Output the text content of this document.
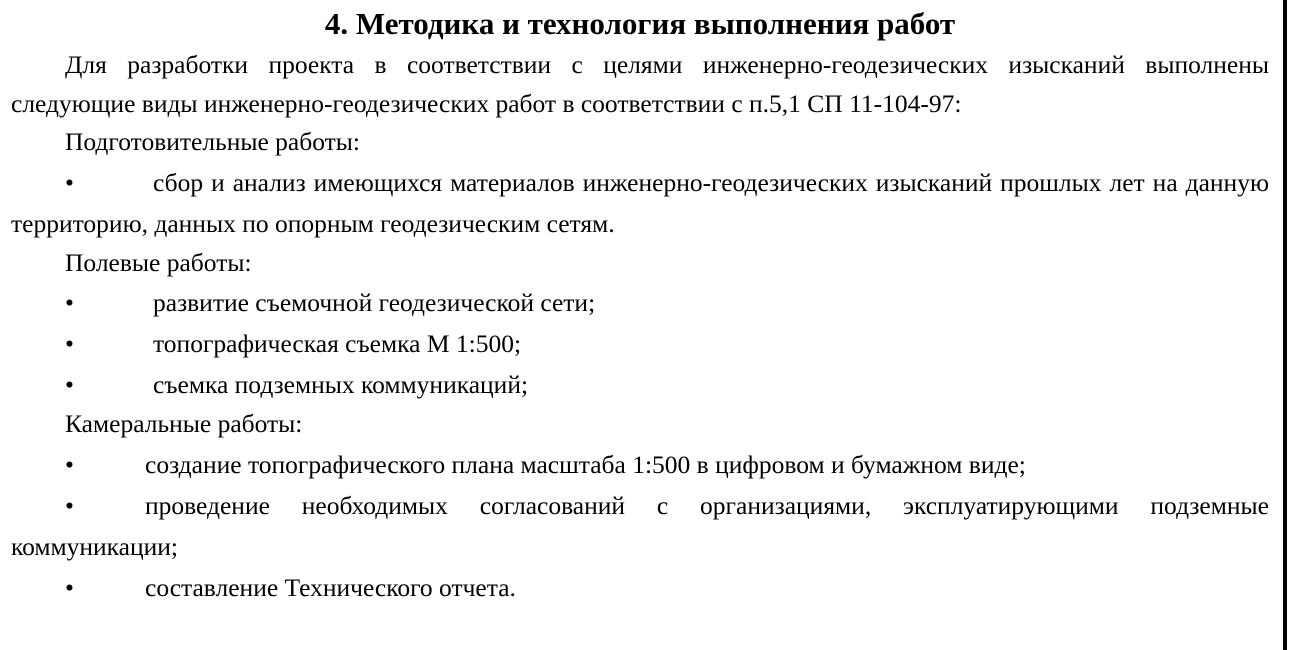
4. Методика и технология выполнения работ

Для разработки проекта в соответствии с целями инженерно-геодезических изысканий выполнены следующие виды инженерно-геодезических работ в соответствии с п.5,1 СП 11-104-97:

Подготовительные работы:

•	сбор и анализ имеющихся материалов инженерно-геодезических изысканий прошлых лет на данную территорию, данных по опорным геодезическим сетям.

Полевые работы:

•	развитие съемочной геодезической сети;

•	топографическая съемка М 1:500;

•	съемка подземных коммуникаций;

Камеральные работы:

•	создание топографического плана масштаба 1:500 в цифровом и бумажном виде;

•	проведение необходимых согласований с организациями, эксплуатирующими подземные коммуникации;

•	составление Технического отчета.
